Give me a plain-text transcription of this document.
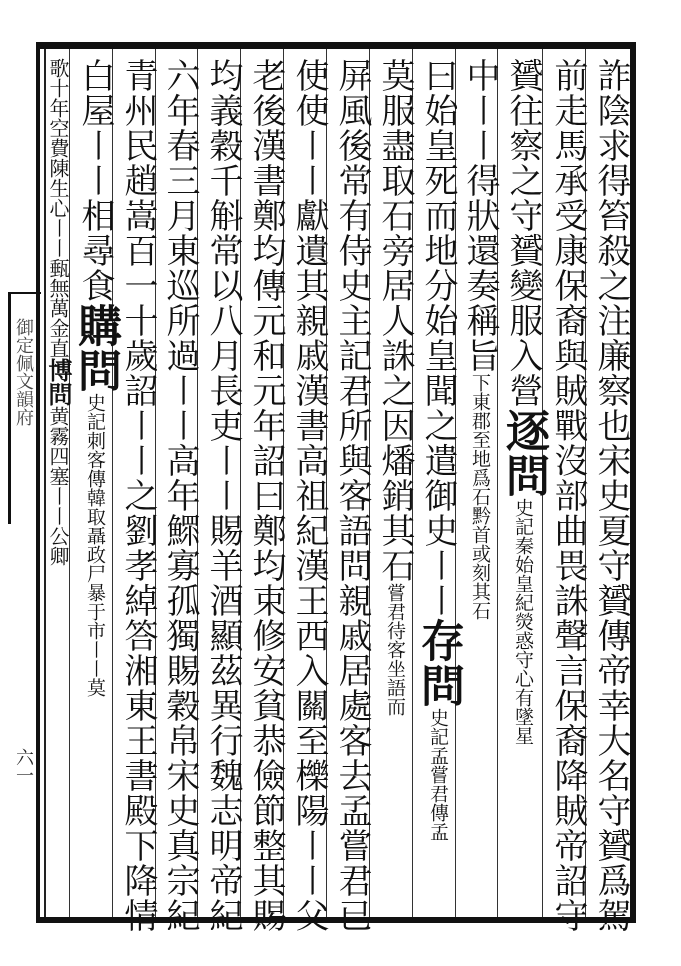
詐陰求得笞殺之注廉察也宋史夏守贇傳帝幸大名守贇爲駕
前走馬承受康保裔與賊戰沒部曲畏誅聲言保裔降賊帝詔守
贇往察之守贇變服入營逐問史記秦始皇紀熒惑守心有墜星
中〡〡得狀還奏稱旨下東郡至地爲石黔首或刻其石
曰始皇死而地分始皇聞之遣御史〡〡存問史記孟嘗君傳孟
莫服盡取石旁居人誅之因燔銷其石嘗君待客坐語而
屏風後常有侍史主記君所與客語問親戚居處客去孟嘗君已
使使〡〡獻遺其親戚漢書高祖紀漢王西入關至櫟陽〡〡父
老後漢書鄭均傳元和元年詔曰鄭均束修安貧恭儉節整其賜
均義穀千斛常以八月長吏〡〡賜羊酒顯茲異行魏志明帝紀
六年春三月東巡所過〡〡高年鰥寡孤獨賜穀帛宋史真宗紀
青州民趙嵩百一十歲詔〡〡之劉孝綽答湘東王書殿下降情
白屋〡〡相尋食購問史記刺客傳韓取聶政尸暴于市〡〡莫
歌十年空費陳生心〡〡甀無萬金直博問黄霧四塞〡〡公卿
御定佩文韻府
六一
